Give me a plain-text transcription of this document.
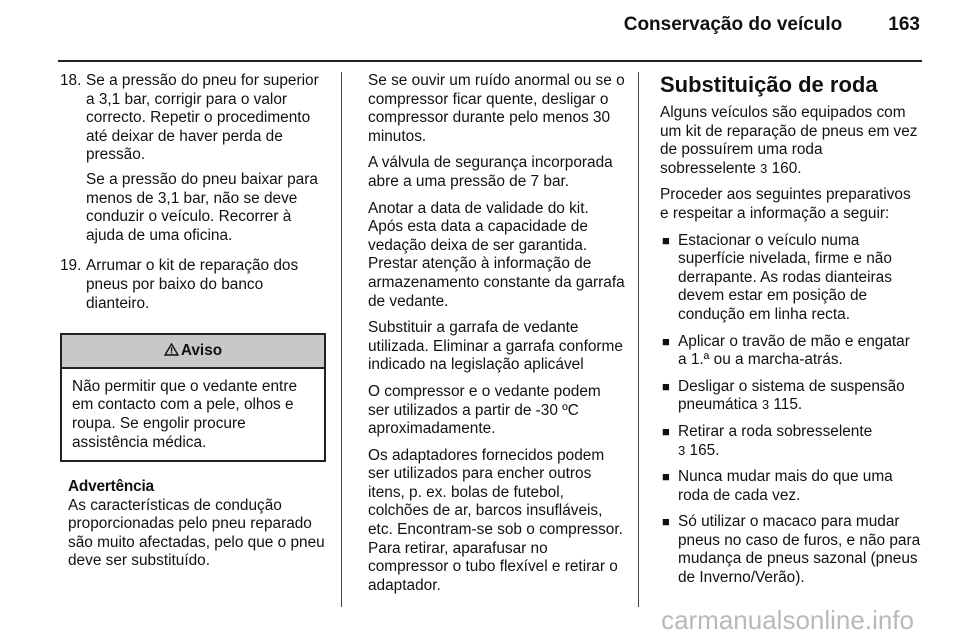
Conservação do veículo 163
18. Se a pressão do pneu for superior a 3,1 bar, corrigir para o valor correcto. Repetir o procedimento até deixar de haver perda de pressão.

Se a pressão do pneu baixar para menos de 3,1 bar, não se deve conduzir o veículo. Recorrer à ajuda de uma oficina.

19. Arrumar o kit de reparação dos pneus por baixo do banco dianteiro.

Aviso
Não permitir que o vedante entre em contacto com a pele, olhos e roupa. Se engolir procure assistência médica.
Advertência
As características de condução proporcionadas pelo pneu reparado são muito afectadas, pelo que o pneu deve ser substituído.

Se se ouvir um ruído anormal ou se o compressor ficar quente, desligar o compressor durante pelo menos 30 minutos.

A válvula de segurança incorporada abre a uma pressão de 7 bar.

Anotar a data de validade do kit. Após esta data a capacidade de vedação deixa de ser garantida. Prestar atenção à informação de armazenamento constante da garrafa de vedante.

Substituir a garrafa de vedante utilizada. Eliminar a garrafa conforme indicado na legislação aplicável

O compressor e o vedante podem ser utilizados a partir de -30 ºC aproximadamente.

Os adaptadores fornecidos podem ser utilizados para encher outros itens, p. ex. bolas de futebol, colchões de ar, barcos insufláveis, etc. Encontram-se sob o compressor. Para retirar, aparafusar no compressor o tubo flexível e retirar o adaptador.

Substituição de roda

Alguns veículos são equipados com um kit de reparação de pneus em vez de possuírem uma roda sobresselente 3 160.

Proceder aos seguintes preparativos e respeitar a informação a seguir:

■ Estacionar o veículo numa superfície nivelada, firme e não derrapante. As rodas dianteiras devem estar em posição de condução em linha recta.
■ Aplicar o travão de mão e engatar a 1.ª ou a marcha-atrás.
■ Desligar o sistema de suspensão pneumática 3 115.
■ Retirar a roda sobresselente
3 165.
■ Nunca mudar mais do que uma roda de cada vez.
■ Só utilizar o macaco para mudar pneus no caso de furos, e não para mudança de pneus sazonal (pneus de Inverno/Verão).
carmanualsonline.info
